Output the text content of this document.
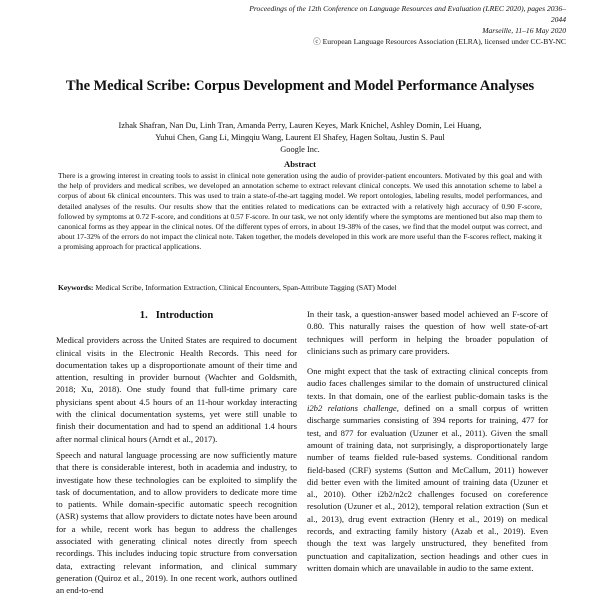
Proceedings of the 12th Conference on Language Resources and Evaluation (LREC 2020), pages 2036–2044
Marseille, 11–16 May 2020
ⓒ European Language Resources Association (ELRA), licensed under CC-BY-NC
The Medical Scribe: Corpus Development and Model Performance Analyses
Izhak Shafran, Nan Du, Linh Tran, Amanda Perry, Lauren Keyes, Mark Knichel, Ashley Domin, Lei Huang,
Yuhui Chen, Gang Li, Mingqiu Wang, Laurent El Shafey, Hagen Soltau, Justin S. Paul
Google Inc.
Abstract
There is a growing interest in creating tools to assist in clinical note generation using the audio of provider-patient encounters. Motivated by this goal and with the help of providers and medical scribes, we developed an annotation scheme to extract relevant clinical concepts. We used this annotation scheme to label a corpus of about 6k clinical encounters. This was used to train a state-of-the-art tagging model. We report ontologies, labeling results, model performances, and detailed analyses of the results. Our results show that the entities related to medications can be extracted with a relatively high accuracy of 0.90 F-score, followed by symptoms at 0.72 F-score, and conditions at 0.57 F-score. In our task, we not only identify where the symptoms are mentioned but also map them to canonical forms as they appear in the clinical notes. Of the different types of errors, in about 19-38% of the cases, we find that the model output was correct, and about 17-32% of the errors do not impact the clinical note. Taken together, the models developed in this work are more useful than the F-scores reflect, making it a promising approach for practical applications.
Keywords: Medical Scribe, Information Extraction, Clinical Encounters, Span-Attribute Tagging (SAT) Model
1. Introduction

Medical providers across the United States are required to document clinical visits in the Electronic Health Records. This need for documentation takes up a disproportionate amount of their time and attention, resulting in provider burnout (Wachter and Goldsmith, 2018; Xu, 2018). One study found that full-time primary care physicians spent about 4.5 hours of an 11-hour workday interacting with the clinical documentation systems, yet were still unable to finish their documentation and had to spend an additional 1.4 hours after normal clinical hours (Arndt et al., 2017).

Speech and natural language processing are now sufficiently mature that there is considerable interest, both in academia and industry, to investigate how these technologies can be exploited to simplify the task of documentation, and to allow providers to dedicate more time to patients. While domain-specific automatic speech recognition (ASR) systems that allow providers to dictate notes have been around for a while, recent work has begun to address the challenges associated with generating clinical notes directly from speech recordings. This includes inducing topic structure from conversation data, extracting relevant information, and clinical summary generation (Quiroz et al., 2019). In one recent work, authors outlined an end-to-end

In their task, a question-answer based model achieved an F-score of 0.80. This naturally raises the question of how well state-of-art techniques will perform in helping the broader population of clinicians such as primary care providers.

One might expect that the task of extracting clinical concepts from audio faces challenges similar to the domain of unstructured clinical texts. In that domain, one of the earliest public-domain tasks is the i2b2 relations challenge, defined on a small corpus of written discharge summaries consisting of 394 reports for training, 477 for test, and 877 for evaluation (Uzuner et al., 2011). Given the small amount of training data, not surprisingly, a disproportionately large number of teams fielded rule-based systems. Conditional random field-based (CRF) systems (Sutton and McCallum, 2011) however did better even with the limited amount of training data (Uzuner et al., 2010). Other i2b2/n2c2 challenges focused on coreference resolution (Uzuner et al., 2012), temporal relation extraction (Sun et al., 2013), drug event extraction (Henry et al., 2019) on medical records, and extracting family history (Azab et al., 2019). Even though the text was largely unstructured, they benefited from punctuation and capitalization, section headings and other cues in written domain which are unavailable in audio to the same extent.
